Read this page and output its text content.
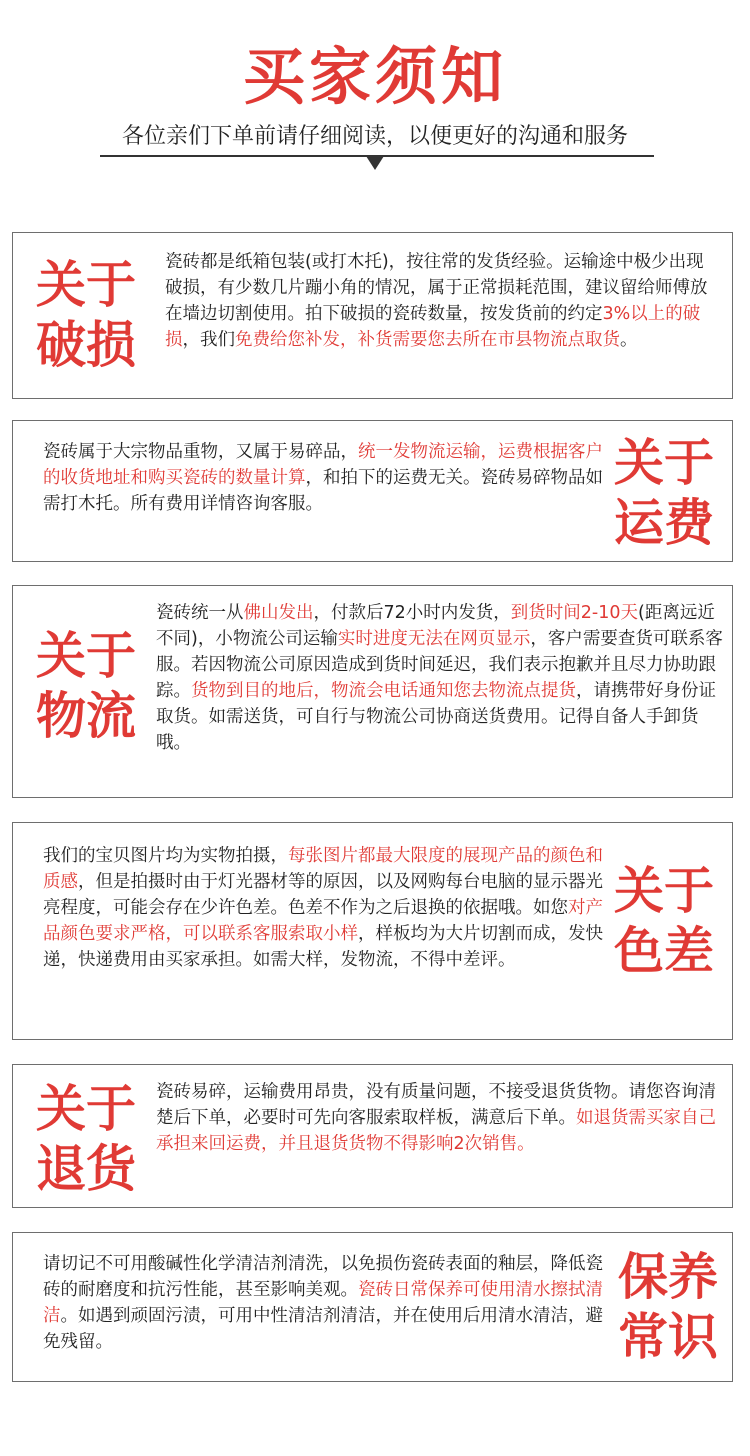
买家须知
各位亲们下单前请仔细阅读，以便更好的沟通和服务
关于
破损
瓷砖都是纸箱包装(或打木托)，按往常的发货经验。运输途中极少出现破损，有少数几片蹦小角的情况，属于正常损耗范围，建议留给师傅放在墙边切割使用。拍下破损的瓷砖数量，按发货前的约定3%以上的破损，我们免费给您补发，补货需要您去所在市县物流点取货。
关于
运费
瓷砖属于大宗物品重物，又属于易碎品，统一发物流运输，运费根据客户的收货地址和购买瓷砖的数量计算，和拍下的运费无关。瓷砖易碎物品如需打木托。所有费用详情咨询客服。
关于
物流
瓷砖统一从佛山发出，付款后72小时内发货，到货时间2-10天(距离远近不同)，小物流公司运输实时进度无法在网页显示，客户需要查货可联系客服。若因物流公司原因造成到货时间延迟，我们表示抱歉并且尽力协助跟踪。货物到目的地后，物流会电话通知您去物流点提货，请携带好身份证取货。如需送货，可自行与物流公司协商送货费用。记得自备人手卸货哦。
关于
色差
我们的宝贝图片均为实物拍摄，每张图片都最大限度的展现产品的颜色和质感，但是拍摄时由于灯光器材等的原因，以及网购每台电脑的显示器光亮程度，可能会存在少许色差。色差不作为之后退换的依据哦。如您对产品颜色要求严格，可以联系客服索取小样，样板均为大片切割而成，发快递，快递费用由买家承担。如需大样，发物流，不得中差评。
关于
退货
瓷砖易碎，运输费用昂贵，没有质量问题，不接受退货货物。请您咨询清楚后下单，必要时可先向客服索取样板，满意后下单。如退货需买家自己承担来回运费，并且退货货物不得影响2次销售。
保养
常识
请切记不可用酸碱性化学清洁剂清洗，以免损伤瓷砖表面的釉层，降低瓷砖的耐磨度和抗污性能，甚至影响美观。瓷砖日常保养可使用清水擦拭清洁。如遇到顽固污渍，可用中性清洁剂清洁，并在使用后用清水清洁，避免残留。
